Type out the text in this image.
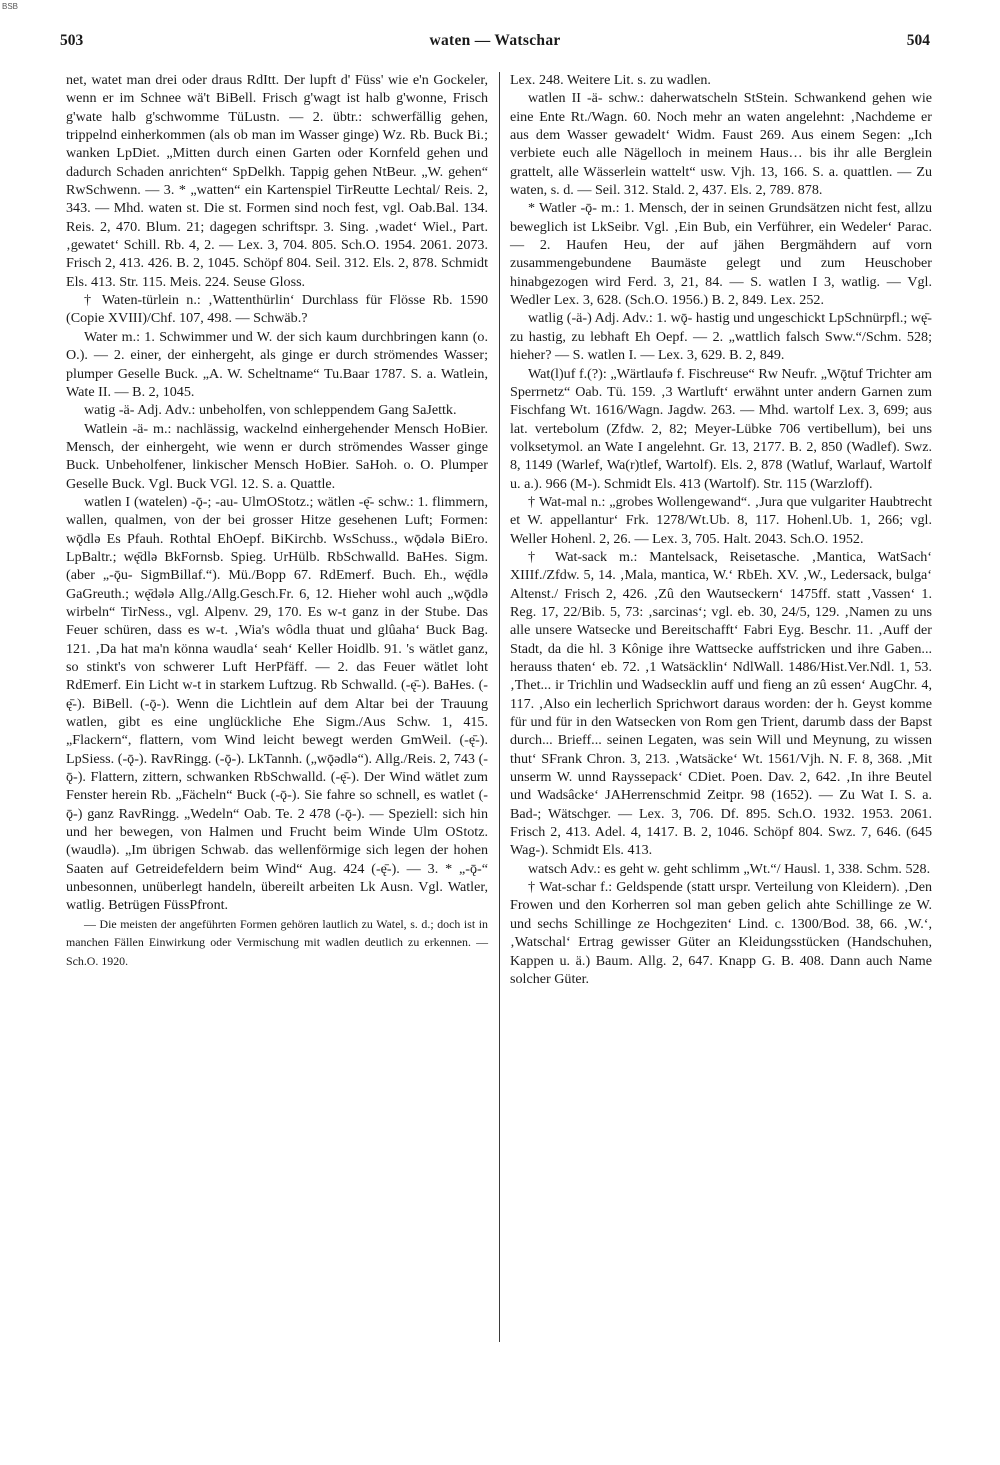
BSB
503	waten — Watschar	504

net, watet man drei oder draus RdItt. Der lupft d' Füss' wie e'n Gockeler, wenn er im Schnee wä't BiBell. Frisch g'wagt ist halb g'wonne, Frisch g'wate halb g'schwomme TüLustn. — 2. übtr.: schwerfällig gehen, trippelnd einherkommen (als ob man im Wasser ginge) Wz. Rb. Buck Bi.; wanken LpDiet. „Mitten durch einen Garten oder Kornfeld gehen und dadurch Schaden anrichten“ SpDelkh. Tappig gehen NtBeur. „W. gehen“ RwSchwenn. — 3. * „watten“ ein Kartenspiel TirReutte Lechtal/ Reis. 2, 343. — Mhd. waten st. Die st. Formen sind noch fest, vgl. Oab.Bal. 134. Reis. 2, 470. Blum. 21; dagegen schriftspr. 3. Sing. ‚wadet‘ Wiel., Part. ‚gewatet‘ Schill. Rb. 4, 2. — Lex. 3, 704. 805. Sch.O. 1954. 2061. 2073. Frisch 2, 413. 426. B. 2, 1045. Schöpf 804. Seil. 312. Els. 2, 878. Schmidt Els. 413. Str. 115. Meis. 224. Seuse Gloss.

† Waten-türlein n.: ‚Wattenthürlin‘ Durchlass für Flösse Rb. 1590 (Copie XVIII)/Chf. 107, 498. — Schwäb.?

Water m.: 1. Schwimmer und W. der sich kaum durchbringen kann (o. O.). — 2. einer, der einhergeht, als ginge er durch strömendes Wasser; plumper Geselle Buck. „A. W. Scheltname“ Tu.Baar 1787. S. a. Watlein, Wate II. — B. 2, 1045.

watig -ä- Adj. Adv.: unbeholfen, von schleppendem Gang SaJettk.

Watlein -ä- m.: nachlässig, wackelnd einhergehender Mensch HoBier. Mensch, der einhergeht, wie wenn er durch strömendes Wasser ginge Buck. Unbeholfener, linkischer Mensch HoBier. SaHoh. o. O. Plumper Geselle Buck. Vgl. Buck VGl. 12. S. a. Quattle.

watlen I (watelen) -ǭ-; -au- UlmOStotz.; wätlen -ę̄- schw.: 1. flimmern, wallen, qualmen, von der bei grosser Hitze gesehenen Luft; Formen: wǭdlə Es Pfauh. Rothtal EhOepf. BiKirchb. WsSchuss., wǭdələ BiEro. LpBaltr.; wę̄dlə BkFornsb. Spieg. UrHülb. RbSchwalld. BaHes. Sigm. (aber „-ǭu- SigmBillaf.“). Mü./Bopp 67. RdEmerf. Buch. Eh., wę̄dlə GaGreuth.; wę̄dələ Allg./Allg.Gesch.Fr. 6, 12. Hieher wohl auch „wǭdlə wirbeln“ TirNess., vgl. Alpenv. 29, 170. Es w-t ganz in der Stube. Das Feuer schüren, dass es w-t. ‚Wia's wôdla thuat und glûaha‘ Buck Bag. 121. ‚Da hat ma'n könna waudla‘ seah‘ Keller Hoidlb. 91. 's wätlet ganz, so stinkt's von schwerer Luft HerPfäff. — 2. das Feuer wätlet loht RdEmerf. Ein Licht w-t in starkem Luftzug. Rb Schwalld. (-ę̄-). BaHes. (-ę̄-). BiBell. (-ǭ-). Wenn die Lichtlein auf dem Altar bei der Trauung watlen, gibt es eine unglückliche Ehe Sigm./Aus Schw. 1, 415. „Flackern“, flattern, vom Wind leicht bewegt werden GmWeil. (-ę̄-). LpSiess. (-ǭ-). RavRingg. (-ǭ-). LkTannh. („wǭədlə“). Allg./Reis. 2, 743 (-ǭ-). Flattern, zittern, schwanken RbSchwalld. (-ę̄-). Der Wind wätlet zum Fenster herein Rb. „Fächeln“ Buck (-ǭ-). Sie fahre so schnell, es watlet (-ǭ-) ganz RavRingg. „Wedeln“ Oab. Te. 2 478 (-ǭ-). — Speziell: sich hin und her bewegen, von Halmen und Frucht beim Winde Ulm OStotz. (waudlə). „Im übrigen Schwab. das wellenförmige sich legen der hohen Saaten auf Getreidefeldern beim Wind“ Aug. 424 (-ę̄-). — 3. * „-ǭ-“ unbesonnen, unüberlegt handeln, übereilt arbeiten Lk Ausn. Vgl. Watler, watlig. Betrügen FüssPfront.

— Die meisten der angeführten Formen gehören lautlich zu Watel, s. d.; doch ist in manchen Fällen Einwirkung oder Vermischung mit wadlen deutlich zu erkennen. — Sch.O. 1920.

Lex. 248. Weitere Lit. s. zu wadlen.

watlen II -ä- schw.: daherwatscheln StStein. Schwankend gehen wie eine Ente Rt./Wagn. 60. Noch mehr an waten angelehnt: ‚Nachdeme er aus dem Wasser gewadelt‘ Widm. Faust 269. Aus einem Segen: „Ich verbiete euch alle Nägelloch in meinem Haus… bis ihr alle Berglein grattelt, alle Wässerlein wattelt“ usw. Vjh. 13, 166. S. a. quattlen. — Zu waten, s. d. — Seil. 312. Stald. 2, 437. Els. 2, 789. 878.

* Watler -ǭ- m.: 1. Mensch, der in seinen Grundsätzen nicht fest, allzu beweglich ist LkSeibr. Vgl. ‚Ein Bub, ein Verführer, ein Wedeler‘ Parac. — 2. Haufen Heu, der auf jähen Bergmähdern auf vorn zusammengebundene Baumäste gelegt und zum Heuschober hinabgezogen wird Ferd. 3, 21, 84. — S. watlen I 3, watlig. — Vgl. Wedler Lex. 3, 628. (Sch.O. 1956.) B. 2, 849. Lex. 252.

watlig (-ä-) Adj. Adv.: 1. wǭ- hastig und ungeschickt LpSchnürpfl.; wę̄- zu hastig, zu lebhaft Eh Oepf. — 2. „wattlich falsch Sww.“/Schm. 528; hieher? — S. watlen I. — Lex. 3, 629. B. 2, 849.

Wat(l)uf f.(?): „Wärtlaufə f. Fischreuse“ Rw Neufr. „Wǭtuf Trichter am Sperrnetz“ Oab. Tü. 159. ‚3 Wartluft‘ erwähnt unter andern Garnen zum Fischfang Wt. 1616/Wagn. Jagdw. 263. — Mhd. wartolf Lex. 3, 699; aus lat. vertebolum (Zfdw. 2, 82; Meyer-Lübke 706 vertibellum), bei uns volksetymol. an Wate I angelehnt. Gr. 13, 2177. B. 2, 850 (Wadlef). Swz. 8, 1149 (Warlef, Wa(r)tlef, Wartolf). Els. 2, 878 (Watluf, Warlauf, Wartolf u. a.). 966 (M-). Schmidt Els. 413 (Wartolf). Str. 115 (Warzloff).

† Wat-mal n.: „grobes Wollengewand“. ‚Jura que vulgariter Haubtrecht et W. appellantur‘ Frk. 1278/Wt.Ub. 8, 117. Hohenl.Ub. 1, 266; vgl. Weller Hohenl. 2, 26. — Lex. 3, 705. Halt. 2043. Sch.O. 1952.

† Wat-sack m.: Mantelsack, Reisetasche. ‚Mantica, WatSach‘ XIIIf./Zfdw. 5, 14. ‚Mala, mantica, W.‘ RbEh. XV. ‚W., Ledersack, bulga‘ Altenst./ Frisch 2, 426. ‚Zû den Wautseckern‘ 1475ff. statt ‚Vassen‘ 1. Reg. 17, 22/Bib. 5, 73: ‚sarcinas‘; vgl. eb. 30, 24/5, 129. ‚Namen zu uns alle unsere Watsecke und Bereitschafft‘ Fabri Eyg. Beschr. 11. ‚Auff der Stadt, da die hl. 3 Kônige ihre Wattsecke auffstricken und ihre Gaben... herauss thaten‘ eb. 72. ‚1 Watsäcklin‘ NdlWall. 1486/Hist.Ver.Ndl. 1, 53. ‚Thet... ir Trichlin und Wadsecklin auff und fieng an zû essen‘ AugChr. 4, 117. ‚Also ein lecherlich Sprichwort daraus worden: der h. Geyst komme für und für in den Watsecken von Rom gen Trient, darumb dass der Bapst durch... Brieff... seinen Legaten, was sein Will und Meynung, zu wissen thut‘ SFrank Chron. 3, 213. ‚Watsäcke‘ Wt. 1561/Vjh. N. F. 8, 368. ‚Mit unserm W. unnd Rayssepack‘ CDiet. Poen. Dav. 2, 642. ‚In ihre Beutel und Wadsâcke‘ JAHerrenschmid Zeitpr. 98 (1652). — Zu Wat I. S. a. Bad-; Wätschger. — Lex. 3, 706. Df. 895. Sch.O. 1932. 1953. 2061. Frisch 2, 413. Adel. 4, 1417. B. 2, 1046. Schöpf 804. Swz. 7, 646. (645 Wag-). Schmidt Els. 413.

watsch Adv.: es geht w. geht schlimm „Wt.“/ Hausl. 1, 338. Schm. 528.

† Wat-schar f.: Geldspende (statt urspr. Verteilung von Kleidern). ‚Den Frowen und den Korherren sol man geben gelich ahte Schillinge ze W. und sechs Schillinge ze Hochgeziten‘ Lind. c. 1300/Bod. 38, 66. ‚W.‘, ‚Watschal‘ Ertrag gewisser Güter an Kleidungsstücken (Handschuhen, Kappen u. ä.) Baum. Allg. 2, 647. Knapp G. B. 408. Dann auch Name solcher Güter.
